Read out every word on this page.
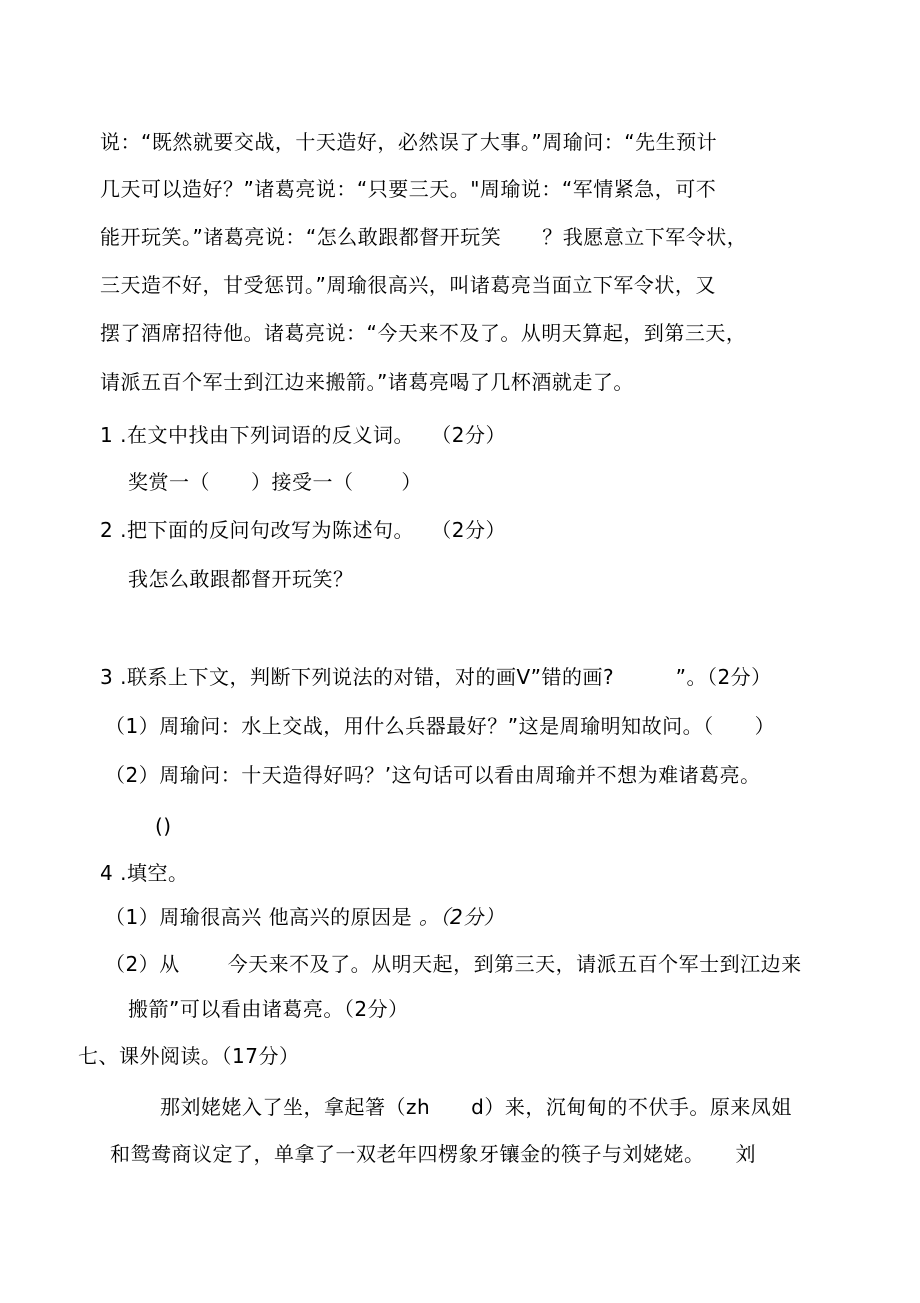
说：“既然就要交战，十天造好，必然误了大事。”周瑜问：“先生预计
几天可以造好？”诸葛亮说：“只要三天。"周瑜说：“军情紧急，可不
能开玩笑。”诸葛亮说：“怎么敢跟都督开玩笑　　？我愿意立下军令状，
三天造不好，甘受惩罚。”周瑜很高兴，叫诸葛亮当面立下军令状，又
摆了酒席招待他。诸葛亮说：“今天来不及了。从明天算起，到第三天，
请派五百个军士到江边来搬箭。”诸葛亮喝了几杯酒就走了。
1 .在文中找由下列词语的反义词。　 （2分）
奖赏一（　　）接受一（　　 ）
2 .把下面的反问句改写为陈述句。　 （2分）
我怎么敢跟都督开玩笑？
3 .联系上下文，判断下列说法的对错，对的画V”错的画?　　　”。（2分）
（1）周瑜问：水上交战，用什么兵器最好？”这是周瑜明知故问。（　　）
（2）周瑜问：十天造得好吗？’这句话可以看由周瑜并不想为难诸葛亮。
()
4 .填空。
（1）周瑜很高兴 他高兴的原因是 。（2分）
（2）从　　 今天来不及了。从明天起，到第三天，请派五百个军士到江边来
搬箭”可以看由诸葛亮。（2分）
七、课外阅读。（17分）
那刘姥姥入了坐，拿起箸（zh　　d）来，沉甸甸的不伏手。原来凤姐
和鸳鸯商议定了，单拿了一双老年四楞象牙镶金的筷子与刘姥姥。　　刘
